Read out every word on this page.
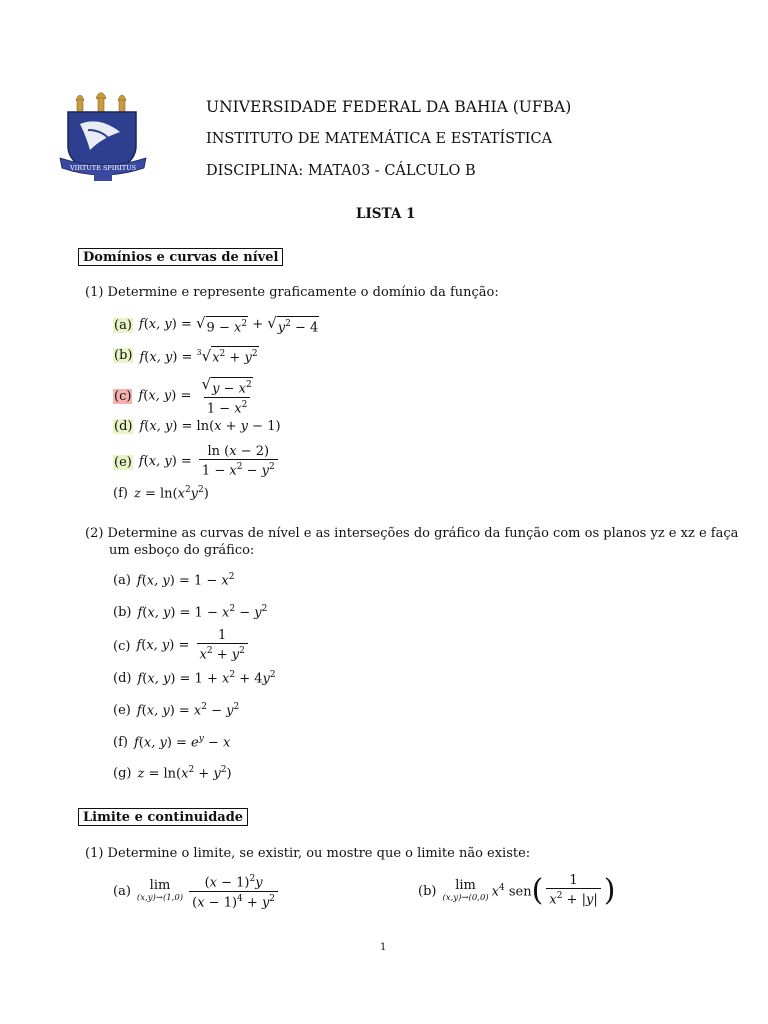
VIRTUTE SPIRITUS
UNIVERSIDADE FEDERAL DA BAHIA (UFBA)
INSTITUTO DE MATEMÁTICA E ESTATÍSTICA
DISCIPLINA: MATA03 - CÁLCULO B
LISTA 1
Domínios e curvas de nível
(1) Determine e represente graficamente o domínio da função:
(a) f(x, y) = √ $9 - x^2$ + √ $y^2 - 4$
(b) f(x, y) = $^3$√ $x^2 + y^2$
(c) f(x, $y) = \frac{√ y - x^2}{1 - x^2}$
(d) f(x, y) = ln(x + y − 1)
(e) f(x, $y) = \frac{\ln (x - 2)}{1 - x^2 - y^2}$
(f) $z = \ln(x^2y^2)$
(2) Determine as curvas de nível e as interseções do gráfico da função com os planos yz e xz e faça
um esboço do gráfico:
(a) f(x, $y) = 1 - x^2$
(b) f(x, $y) = 1 - x^2 - y^2$
(c) f(x, $y) = \frac{1}{x^2 + y^2}$
(d) f(x, $y) = 1 + x^2 + 4y^2$
(e) f(x, $y) = x^2 - y^2$
(f) f(x, $y) = e^y - x$
(g) $z = \ln(x^2 + y^2)$
Limite e continuidade
(1) Determine o limite, se existir, ou mostre que o limite não existe:
(a) lim
$(x,y)\to(1,0) \frac{(x - 1)^2y}{(x - 1)^4 + y^2}$	(b) lim
(x,y)→(0,0) $x^4$ sen ( $\frac{1}{x^2 + |y|}$ )
1
